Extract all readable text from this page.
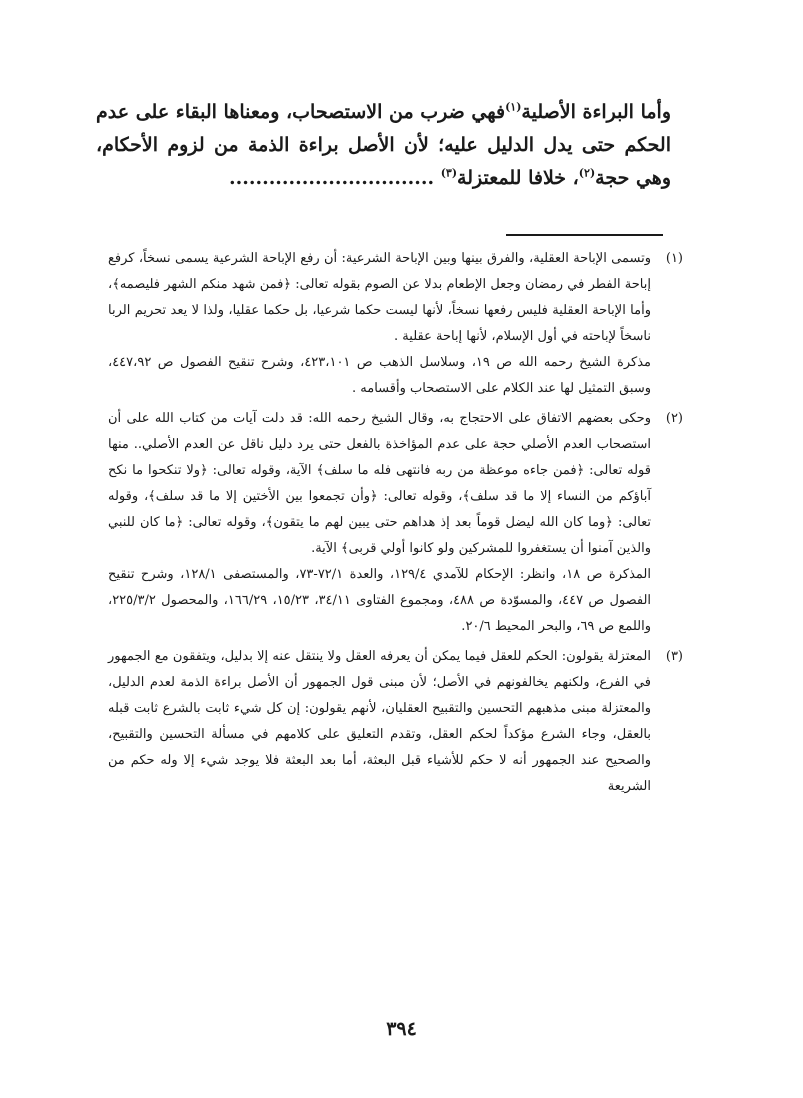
وأما البراءة الأصلية$^{(١)}$فهي ضرب من الاستصحاب، ومعناها البقاء على عدم الحكم حتى يدل الدليل عليه؛ لأن الأصل براءة الذمة من لزوم الأحكام، وهي حجة$^{(٢)}$، خلافا للمعتزلة$^{(٣)}$ ...............................

(١)

وتسمى الإباحة العقلية، والفرق بينها وبين الإباحة الشرعية: أن رفع الإباحة الشرعية يسمى نسخاً، كرفع إباحة الفطر في رمضان وجعل الإطعام بدلا عن الصوم بقوله تعالى: ﴿فمن شهد منكم الشهر فليصمه﴾، وأما الإباحة العقلية فليس رفعها نسخاً، لأنها ليست حكما شرعيا، بل حكما عقليا، ولذا لا يعد تحريم الربا ناسخاً لإباحته في أول الإسلام، لأنها إباحة عقلية .

مذكرة الشيخ رحمه الله ص ١٩، وسلاسل الذهب ص ٤٢٣،١٠١، وشرح تنقيح الفصول ص ٤٤٧،٩٢، وسبق التمثيل لها عند الكلام على الاستصحاب وأقسامه .

(٢)

وحكى بعضهم الاتفاق على الاحتجاج به، وقال الشيخ رحمه الله: قد دلت آيات من كتاب الله على أن استصحاب العدم الأصلي حجة على عدم المؤاخذة بالفعل حتى يرد دليل ناقل عن العدم الأصلي.. منها قوله تعالى: ﴿فمن جاءه موعظة من ربه فانتهى فله ما سلف﴾ الآية، وقوله تعالى: ﴿ولا تنكحوا ما نكح آباؤكم من النساء إلا ما قد سلف﴾، وقوله تعالى: ﴿وأن تجمعوا بين الأختين إلا ما قد سلف﴾، وقوله تعالى: ﴿وما كان الله ليضل قوماً بعد إذ هداهم حتى يبين لهم ما يتقون﴾، وقوله تعالى: ﴿ما كان للنبي والذين آمنوا أن يستغفروا للمشركين ولو كانوا أولي قربى﴾ الآية.

المذكرة ص ١٨، وانظر: الإحكام للآمدي ١٢٩/٤، والعدة ٧٢/١-٧٣، والمستصفى ١٢٨/١، وشرح تنقيح الفصول ص ٤٤٧، والمسوّدة ص ٤٨٨، ومجموع الفتاوى ٣٤/١١، ١٥/٢٣، ١٦٦/٢٩، والمحصول ٢٢٥/٣/٢، واللمع ص ٦٩، والبحر المحيط ٢٠/٦.

(٣)

المعتزلة يقولون: الحكم للعقل فيما يمكن أن يعرفه العقل ولا ينتقل عنه إلا بدليل، ويتفقون مع الجمهور في الفرع، ولكنهم يخالفونهم في الأصل؛ لأن مبنى قول الجمهور أن الأصل براءة الذمة لعدم الدليل، والمعتزلة مبنى مذهبهم التحسين والتقبيح العقليان، لأنهم يقولون: إن كل شيء ثابت بالشرع ثابت قبله بالعقل، وجاء الشرع مؤكداً لحكم العقل، وتقدم التعليق على كلامهم في مسألة التحسين والتقبيح، والصحيح عند الجمهور أنه لا حكم للأشياء قبل البعثة، أما بعد البعثة فلا يوجد شيء إلا وله حكم من الشريعة

٣٩٤
